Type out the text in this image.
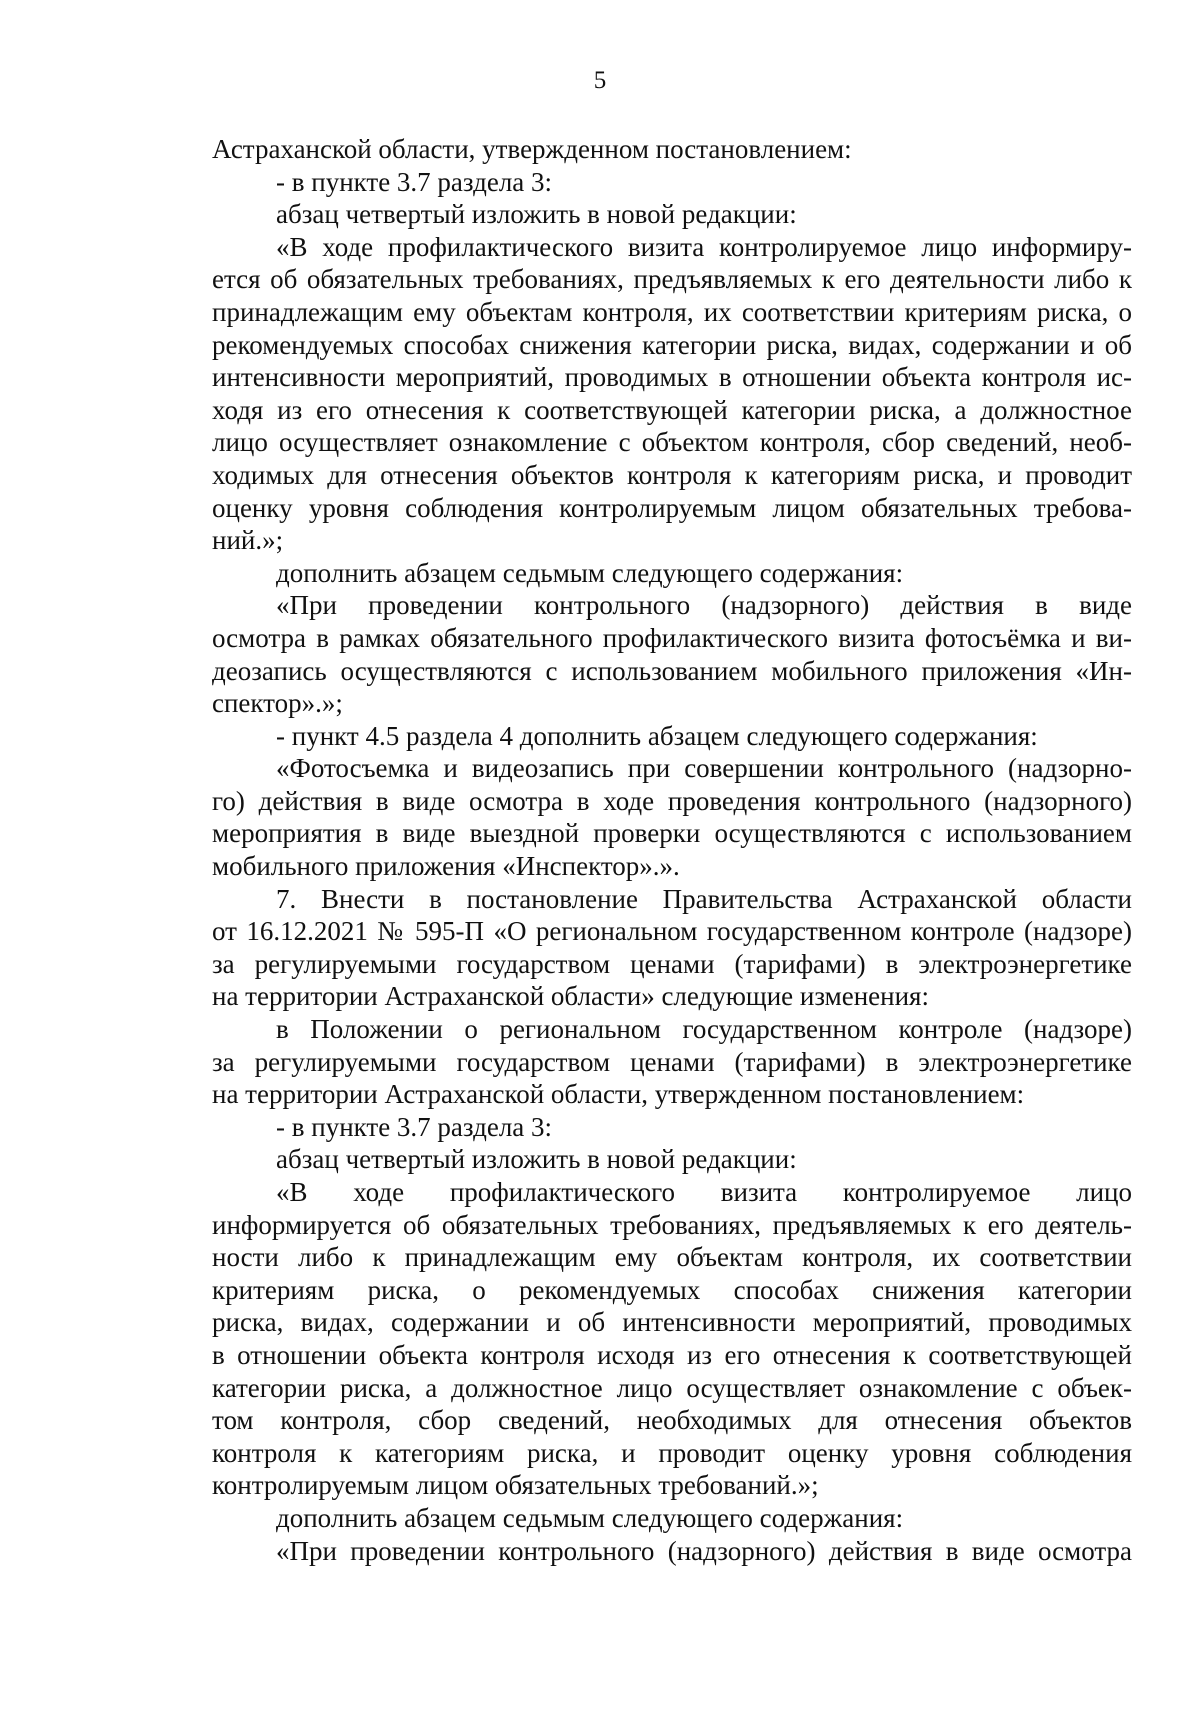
5

Астраханской области, утвержденном постановлением:
- в пункте 3.7 раздела 3:
абзац четвертый изложить в новой редакции:
«В ходе профилактического визита контролируемое лицо информиру-
ется об обязательных требованиях, предъявляемых к его деятельности либо к
принадлежащим ему объектам контроля, их соответствии критериям риска, о
рекомендуемых способах снижения категории риска, видах, содержании и об
интенсивности мероприятий, проводимых в отношении объекта контроля ис-
ходя из его отнесения к соответствующей категории риска, а должностное
лицо осуществляет ознакомление с объектом контроля, сбор сведений, необ-
ходимых для отнесения объектов контроля к категориям риска, и проводит
оценку уровня соблюдения контролируемым лицом обязательных требова-
ний.»;
дополнить абзацем седьмым следующего содержания:
«При проведении контрольного (надзорного) действия в виде
осмотра в рамках обязательного профилактического визита фотосъёмка и ви-
деозапись осуществляются с использованием мобильного приложения «Ин-
спектор».»;
- пункт 4.5 раздела 4 дополнить абзацем следующего содержания:
«Фотосъемка и видеозапись при совершении контрольного (надзорно-
го) действия в виде осмотра в ходе проведения контрольного (надзорного)
мероприятия в виде выездной проверки осуществляются с использованием
мобильного приложения «Инспектор».».
7. Внести в постановление Правительства Астраханской области
от 16.12.2021 № 595-П «О региональном государственном контроле (надзоре)
за регулируемыми государством ценами (тарифами) в электроэнергетике
на территории Астраханской области» следующие изменения:
в Положении о региональном государственном контроле (надзоре)
за регулируемыми государством ценами (тарифами) в электроэнергетике
на территории Астраханской области, утвержденном постановлением:
- в пункте 3.7 раздела 3:
абзац четвертый изложить в новой редакции:
«В ходе профилактического визита контролируемое лицо
информируется об обязательных требованиях, предъявляемых к его деятель-
ности либо к принадлежащим ему объектам контроля, их соответствии
критериям риска, о рекомендуемых способах снижения категории
риска, видах, содержании и об интенсивности мероприятий, проводимых
в отношении объекта контроля исходя из его отнесения к соответствующей
категории риска, а должностное лицо осуществляет ознакомление с объек-
том контроля, сбор сведений, необходимых для отнесения объектов
контроля к категориям риска, и проводит оценку уровня соблюдения
контролируемым лицом обязательных требований.»;
дополнить абзацем седьмым следующего содержания:
«При проведении контрольного (надзорного) действия в виде осмотра
